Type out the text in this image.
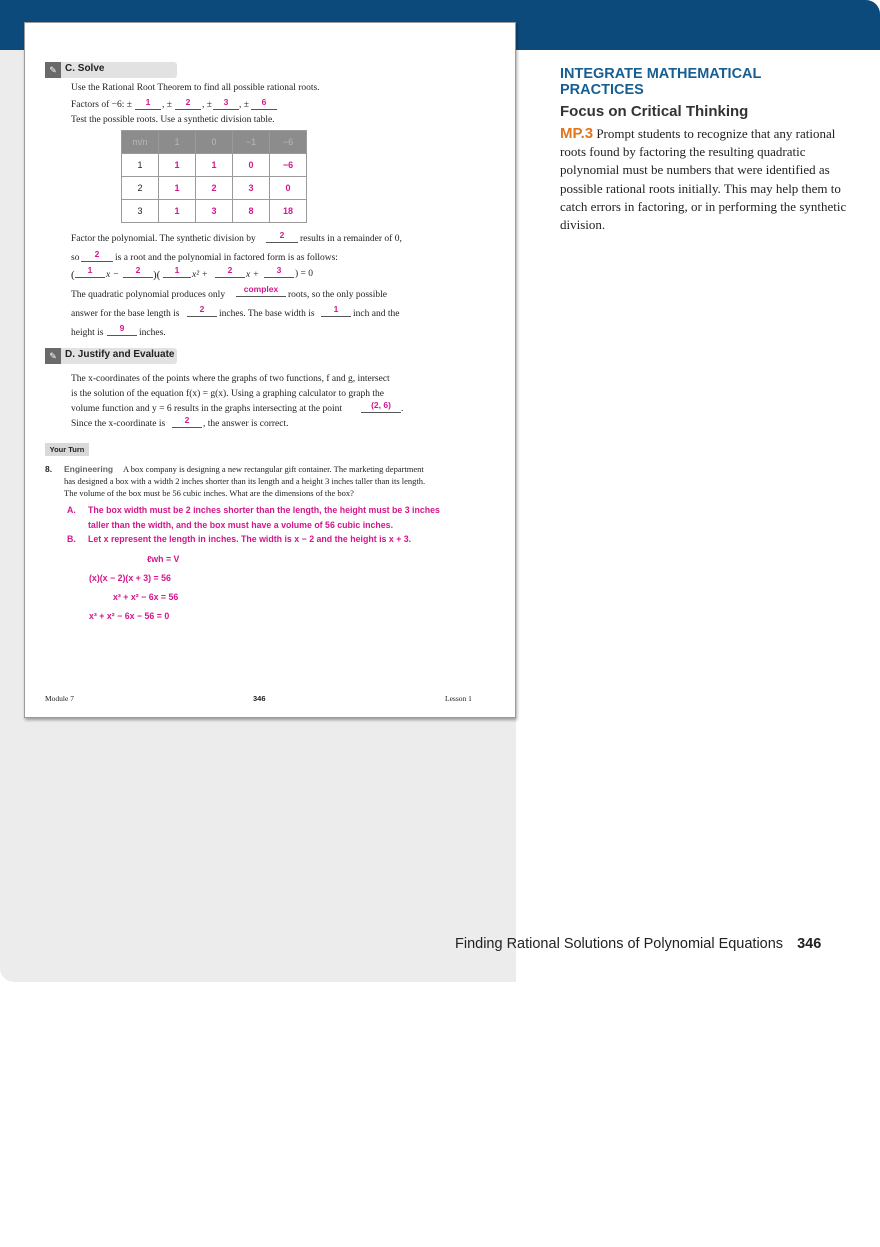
✎ C. Solve
Use the Rational Root Theorem to find all possible rational roots.
Factors of −6: ±	1	, ±	2	, ±	3	, ±	6
Test the possible roots. Use a synthetic division table.
m/n	1	0	−1	−6
1	1	1	0	−6
2	1	2	3	0
3	1	3	8	18
Factor the polynomial. The synthetic division by	2	results in a remainder of 0,
so	2	is a root and the polynomial in factored form is as follows:
(	1	x −	2	)(	1	x² +	2	x +	3	) = 0
The quadratic polynomial produces only
complex
roots, so the only possible
answer for the base length is	2	inches. The base width is	1	inch and the
height is	9	inches.
✎ D. Justify and Evaluate
The x-coordinates of the points where the graphs of two functions, f and g, intersect
is the solution of the equation f(x) = g(x). Using a graphing calculator to graph the
volume function and y = 6 results in the graphs intersecting at the point	(2, 6)	.
Since the x-coordinate is	2	, the answer is correct.
Your Turn
8. Engineering A box company is designing a new rectangular gift container. The marketing department
has designed a box with a width 2 inches shorter than its length and a height 3 inches taller than its length.
The volume of the box must be 56 cubic inches. What are the dimensions of the box?
A. The box width must be 2 inches shorter than the length, the height must be 3 inches
taller than the width, and the box must have a volume of 56 cubic inches.
B. Let x represent the length in inches. The width is x − 2 and the height is x + 3.
ℓwh = V
(x)(x − 2)(x + 3) = 56
x³ + x² − 6x = 56
x³ + x² − 6x − 56 = 0
Module 7	346	Lesson 1
INTEGRATE MATHEMATICAL PRACTICES
Focus on Critical Thinking
MP.3 Prompt students to recognize that any rational roots found by factoring the resulting quadratic polynomial must be numbers that were identified as possible rational roots initially. This may help them to catch errors in factoring, or in performing the synthetic division.
Finding Rational Solutions of Polynomial Equations 346
